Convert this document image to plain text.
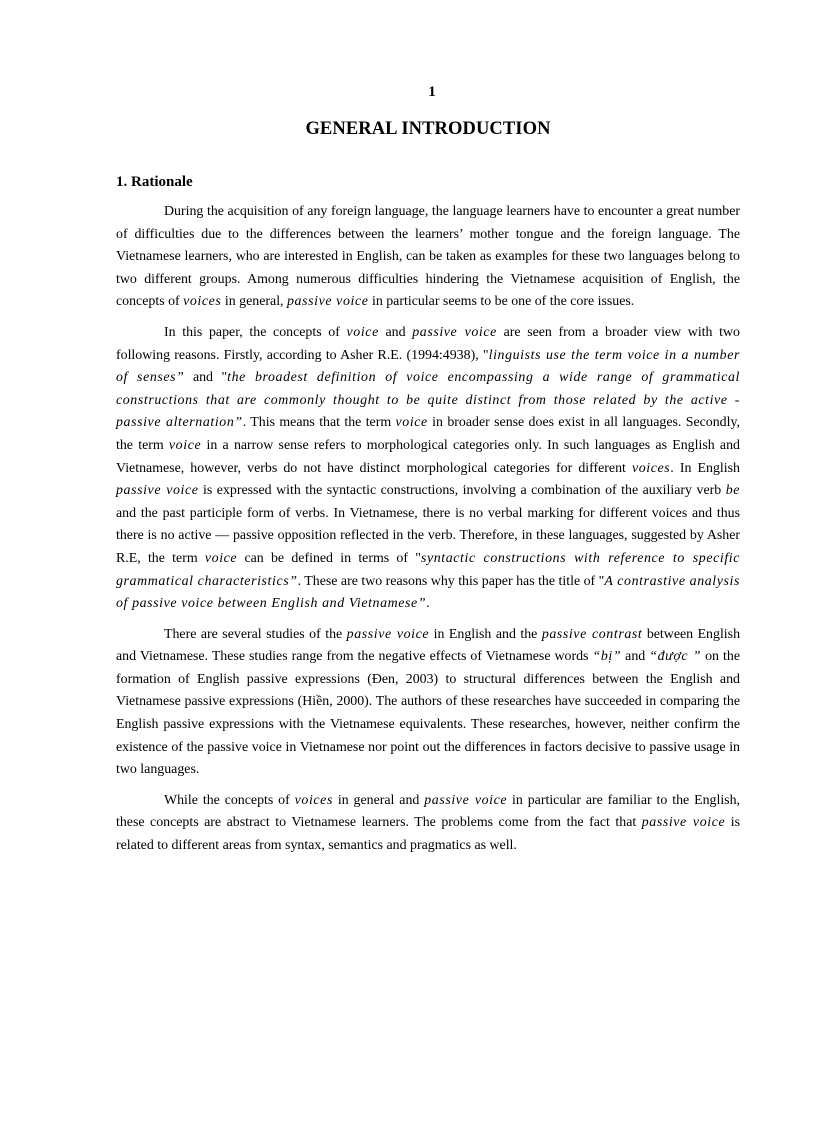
1
GENERAL INTRODUCTION
1. Rationale

During the acquisition of any foreign language, the language learners have to encounter a great number of difficulties due to the differences between the learners’ mother tongue and the foreign language. The Vietnamese learners, who are interested in English, can be taken as examples for these two languages belong to two different groups. Among numerous difficulties hindering the Vietnamese acquisition of English, the concepts of voices in general, passive voice in particular seems to be one of the core issues.

In this paper, the concepts of voice and passive voice are seen from a broader view with two following reasons. Firstly, according to Asher R.E. (1994:4938), "linguists use the term voice in a number of senses” and "the broadest definition of voice encompassing a wide range of grammatical constructions that are commonly thought to be quite distinct from those related by the active - passive alternation”. This means that the term voice in broader sense does exist in all languages. Secondly, the term voice in a narrow sense refers to morphological categories only. In such languages as English and Vietnamese, however, verbs do not have distinct morphological categories for different voices. In English passive voice is expressed with the syntactic constructions, involving a combination of the auxiliary verb be and the past participle form of verbs. In Vietnamese, there is no verbal marking for different voices and thus there is no active — passive opposition reflected in the verb. Therefore, in these languages, suggested by Asher R.E, the term voice can be defined in terms of "syntactic constructions with reference to specific grammatical characteristics”. These are two reasons why this paper has the title of "A contrastive analysis of passive voice between English and Vietnamese”.

There are several studies of the passive voice in English and the passive contrast between English and Vietnamese. These studies range from the negative effects of Vietnamese words “bị” and “được ” on the formation of English passive expressions (Đen, 2003) to structural differences between the English and Vietnamese passive expressions (Hiền, 2000). The authors of these researches have succeeded in comparing the English passive expressions with the Vietnamese equivalents. These researches, however, neither confirm the existence of the passive voice in Vietnamese nor point out the differences in factors decisive to passive usage in two languages.

While the concepts of voices in general and passive voice in particular are familiar to the English, these concepts are abstract to Vietnamese learners. The problems come from the fact that passive voice is related to different areas from syntax, semantics and pragmatics as well.
